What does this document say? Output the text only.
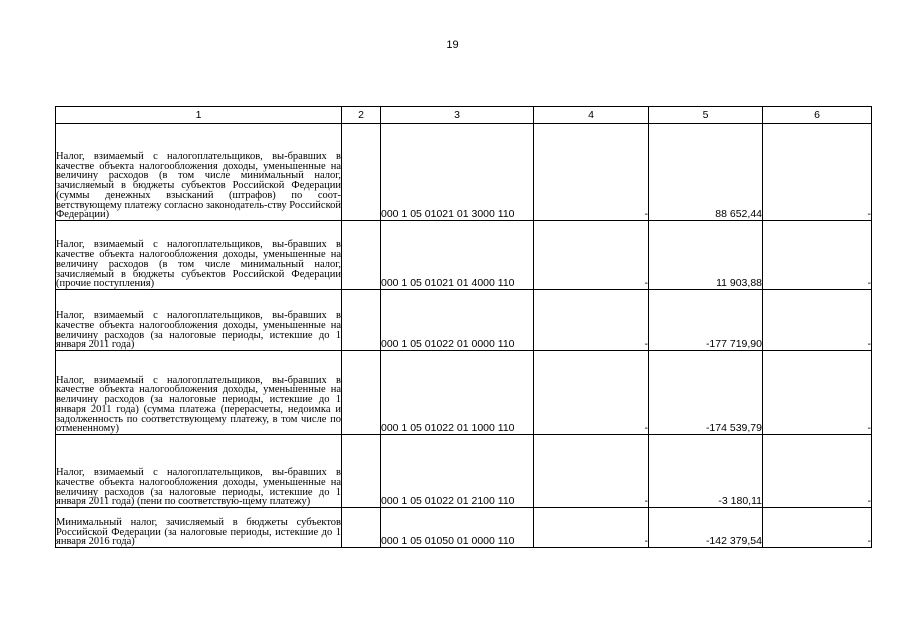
19
1	2	3	4	5	6
Налог, взимаемый с налогоплательщиков, вы-бравших в качестве объекта налогообложения доходы, уменьшенные на величину расходов (в том числе минимальный налог, зачисляемый в бюджеты субъектов Российской Федерации (суммы денежных взысканий (штрафов) по соот-ветствующему платежу согласно законодатель-ству Российской Федерации)		000 1 05 01021 01 3000 110	-	88 652,44	-
Налог, взимаемый с налогоплательщиков, вы-бравших в качестве объекта налогообложения доходы, уменьшенные на величину расходов (в том числе минимальный налог, зачисляемый в бюджеты субъектов Российской Федерации (прочие поступления)		000 1 05 01021 01 4000 110	-	11 903,88	-
Налог, взимаемый с налогоплательщиков, вы-бравших в качестве объекта налогообложения доходы, уменьшенные на величину расходов (за налоговые периоды, истекшие до 1 января 2011 года)		000 1 05 01022 01 0000 110	-	-177 719,90	-
Налог, взимаемый с налогоплательщиков, вы-бравших в качестве объекта налогообложения доходы, уменьшенные на величину расходов (за налоговые периоды, истекшие до 1 января 2011 года) (сумма платежа (перерасчеты, недоимка и задолженность по соответствующему платежу, в том числе по отмененному)		000 1 05 01022 01 1000 110	-	-174 539,79	-
Налог, взимаемый с налогоплательщиков, вы-бравших в качестве объекта налогообложения доходы, уменьшенные на величину расходов (за налоговые периоды, истекшие до 1 января 2011 года) (пени по соответствую-щему платежу)		000 1 05 01022 01 2100 110	-	-3 180,11	-
Минимальный налог, зачисляемый в бюджеты субъектов Российской Федерации (за налоговые периоды, истекшие до 1 января 2016 года)		000 1 05 01050 01 0000 110	-	-142 379,54	-
